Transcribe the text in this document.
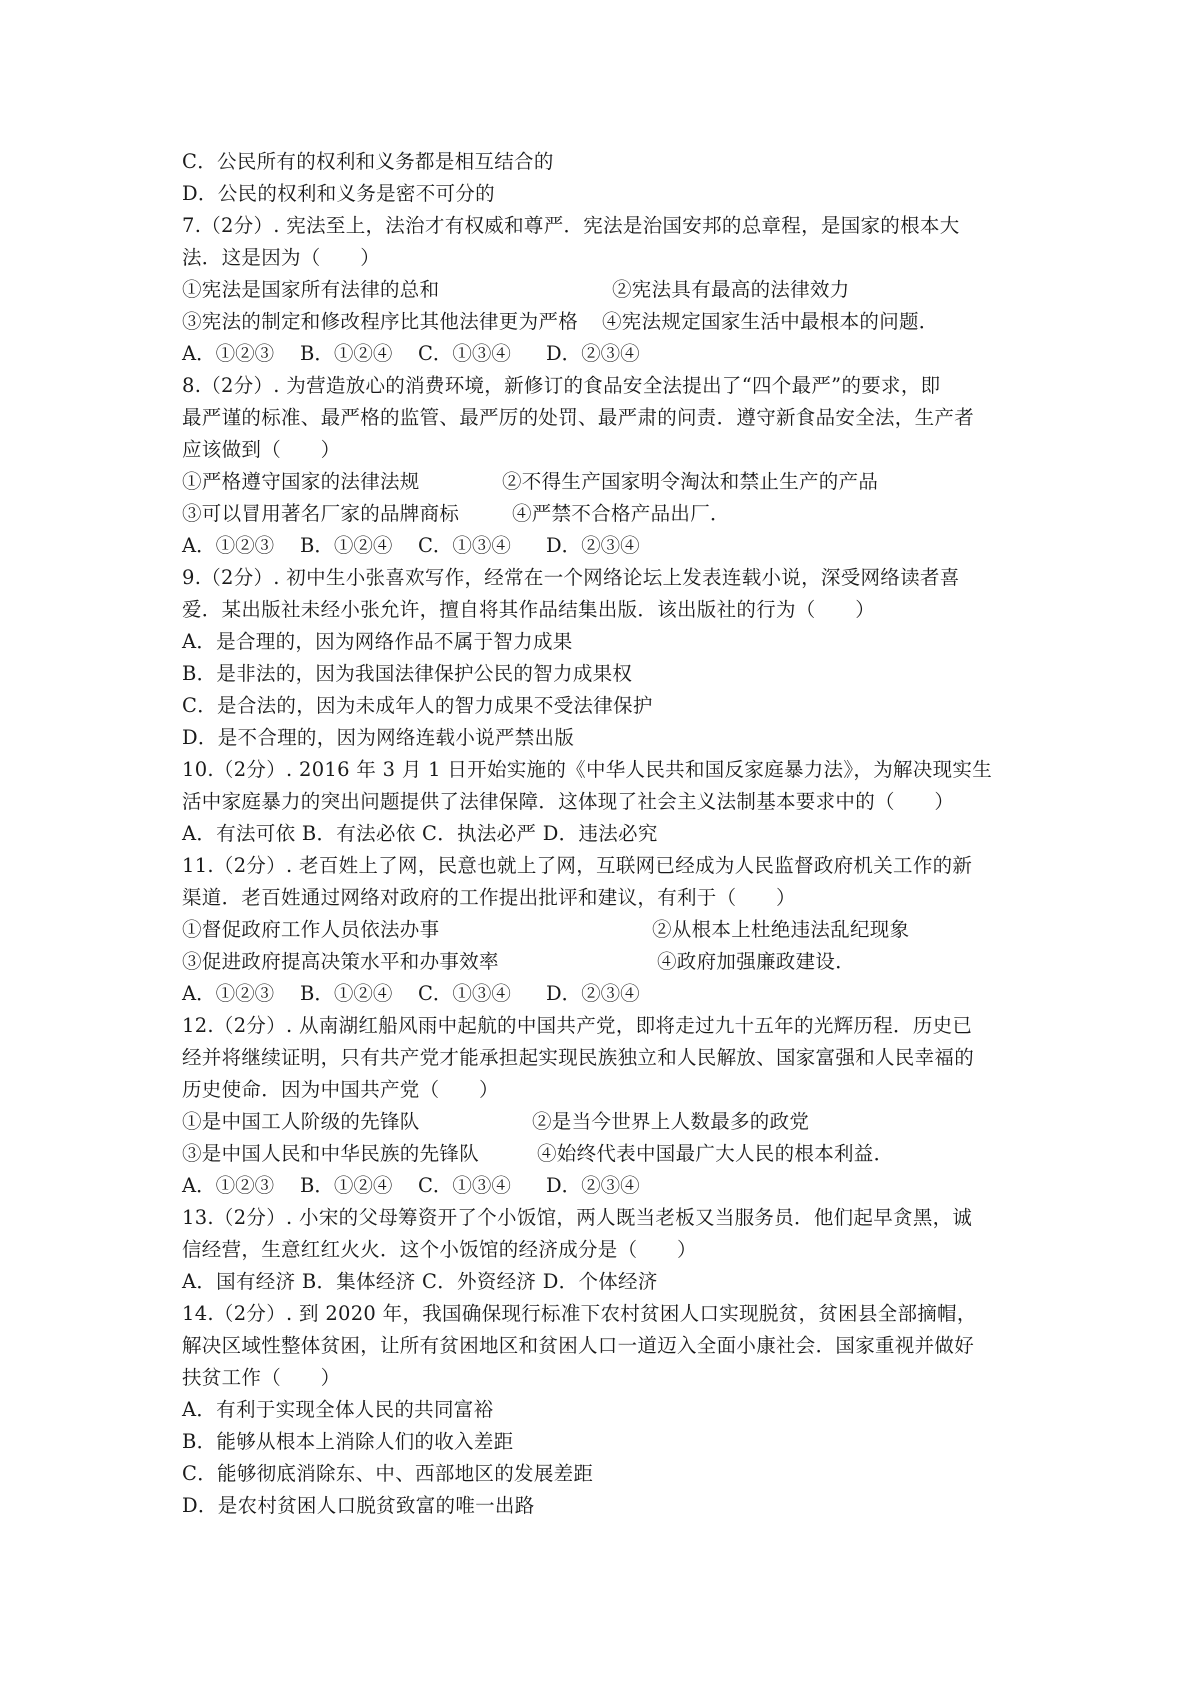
C．公民所有的权利和义务都是相互结合的
D．公民的权利和义务是密不可分的
7.（2分）. 宪法至上，法治才有权威和尊严．宪法是治国安邦的总章程，是国家的根本大
法．这是因为（　　）
①宪法是国家所有法律的总和	②宪法具有最高的法律效力
③宪法的制定和修改程序比其他法律更为严格	④宪法规定国家生活中最根本的问题．
A．①②③	B．①②④	C．①③④	D．②③④
8.（2分）. 为营造放心的消费环境，新修订的食品安全法提出了“四个最严”的要求，即
最严谨的标准、最严格的监管、最严厉的处罚、最严肃的问责．遵守新食品安全法，生产者
应该做到（　　）
①严格遵守国家的法律法规	②不得生产国家明令淘汰和禁止生产的产品
③可以冒用著名厂家的品牌商标	④严禁不合格产品出厂．
A．①②③	B．①②④	C．①③④	D．②③④
9.（2分）. 初中生小张喜欢写作，经常在一个网络论坛上发表连载小说，深受网络读者喜
爱．某出版社未经小张允许，擅自将其作品结集出版．该出版社的行为（　　）
A．是合理的，因为网络作品不属于智力成果
B．是非法的，因为我国法律保护公民的智力成果权
C．是合法的，因为未成年人的智力成果不受法律保护
D．是不合理的，因为网络连载小说严禁出版
10.（2分）. 2016 年 3 月 1 日开始实施的《中华人民共和国反家庭暴力法》，为解决现实生
活中家庭暴力的突出问题提供了法律保障．这体现了社会主义法制基本要求中的（　　）
A．有法可依 B．有法必依 C．执法必严 D．违法必究
11.（2分）. 老百姓上了网，民意也就上了网，互联网已经成为人民监督政府机关工作的新
渠道．老百姓通过网络对政府的工作提出批评和建议，有利于（　　）
①督促政府工作人员依法办事	②从根本上杜绝违法乱纪现象
③促进政府提高决策水平和办事效率	④政府加强廉政建设．
A．①②③	B．①②④	C．①③④	D．②③④
12.（2分）. 从南湖红船风雨中起航的中国共产党，即将走过九十五年的光辉历程．历史已
经并将继续证明，只有共产党才能承担起实现民族独立和人民解放、国家富强和人民幸福的
历史使命．因为中国共产党（　　）
①是中国工人阶级的先锋队	②是当今世界上人数最多的政党
③是中国人民和中华民族的先锋队	④始终代表中国最广大人民的根本利益．
A．①②③	B．①②④	C．①③④	D．②③④
13.（2分）. 小宋的父母筹资开了个小饭馆，两人既当老板又当服务员．他们起早贪黑，诚
信经营，生意红红火火．这个小饭馆的经济成分是（　　）
A．国有经济 B．集体经济 C．外资经济 D．个体经济
14.（2分）. 到 2020 年，我国确保现行标准下农村贫困人口实现脱贫，贫困县全部摘帽，
解决区域性整体贫困，让所有贫困地区和贫困人口一道迈入全面小康社会．国家重视并做好
扶贫工作（　　）
A．有利于实现全体人民的共同富裕
B．能够从根本上消除人们的收入差距
C．能够彻底消除东、中、西部地区的发展差距
D．是农村贫困人口脱贫致富的唯一出路
